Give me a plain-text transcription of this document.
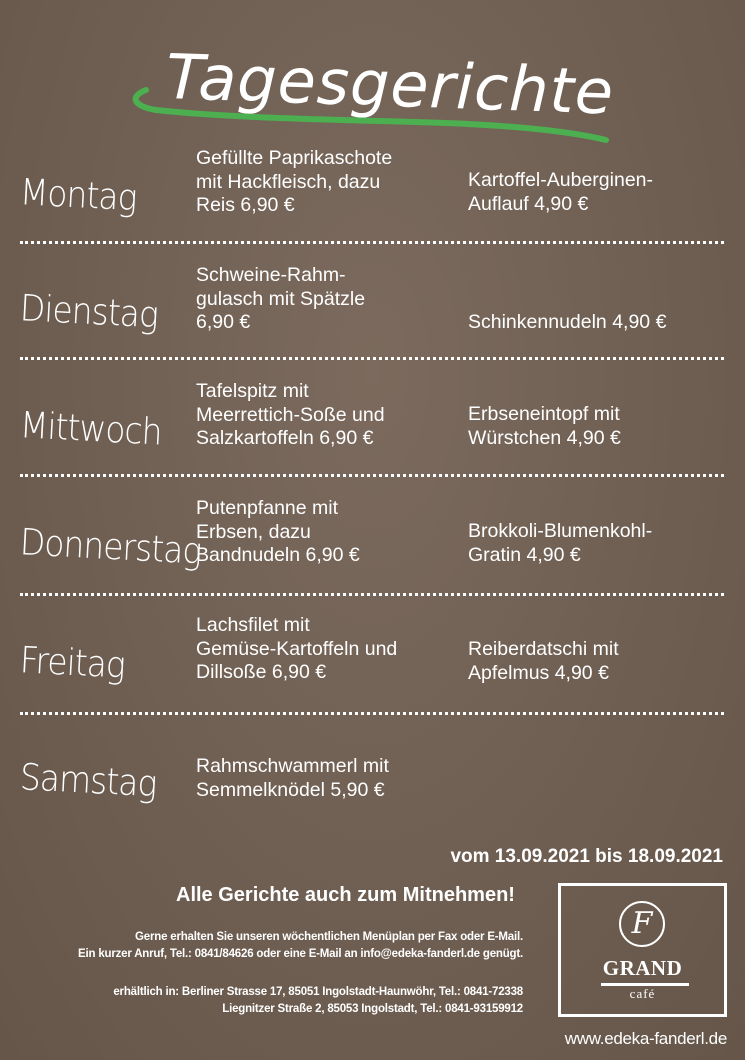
Tagesgerichte
Montag
Gefüllte Paprikaschote
mit Hackfleisch, dazu
Reis 6,90 €
Kartoffel-Auberginen-
Auflauf 4,90 €
Dienstag
Schweine-Rahm-
gulasch mit Spätzle
6,90 €	Schinkennudeln 4,90 €
Mittwoch
Tafelspitz mit
Meerrettich-Soße und
Salzkartoffeln 6,90 €
Erbseneintopf mit
Würstchen 4,90 €
Donnerstag
Putenpfanne mit
Erbsen, dazu
Bandnudeln 6,90 €
Brokkoli-Blumenkohl-
Gratin 4,90 €
Freitag
Lachsfilet mit
Gemüse-Kartoffeln und
Dillsoße 6,90 €
Reiberdatschi mit
Apfelmus 4,90 €
Samstag Rahmschwammerl mit
Semmelknödel 5,90 €
vom 13.09.2021 bis 18.09.2021
Alle Gerichte auch zum Mitnehmen!
Gerne erhalten Sie unseren wöchentlichen Menüplan per Fax oder E-Mail.
Ein kurzer Anruf, Tel.: 0841/84626 oder eine E-Mail an info@edeka-fanderl.de genügt.
erhältlich in: Berliner Strasse 17, 85051 Ingolstadt-Haunwöhr, Tel.: 0841-72338
Liegnitzer Straße 2, 85053 Ingolstadt, Tel.: 0841-93159912
F
GRAND
café
www.edeka-fanderl.de
